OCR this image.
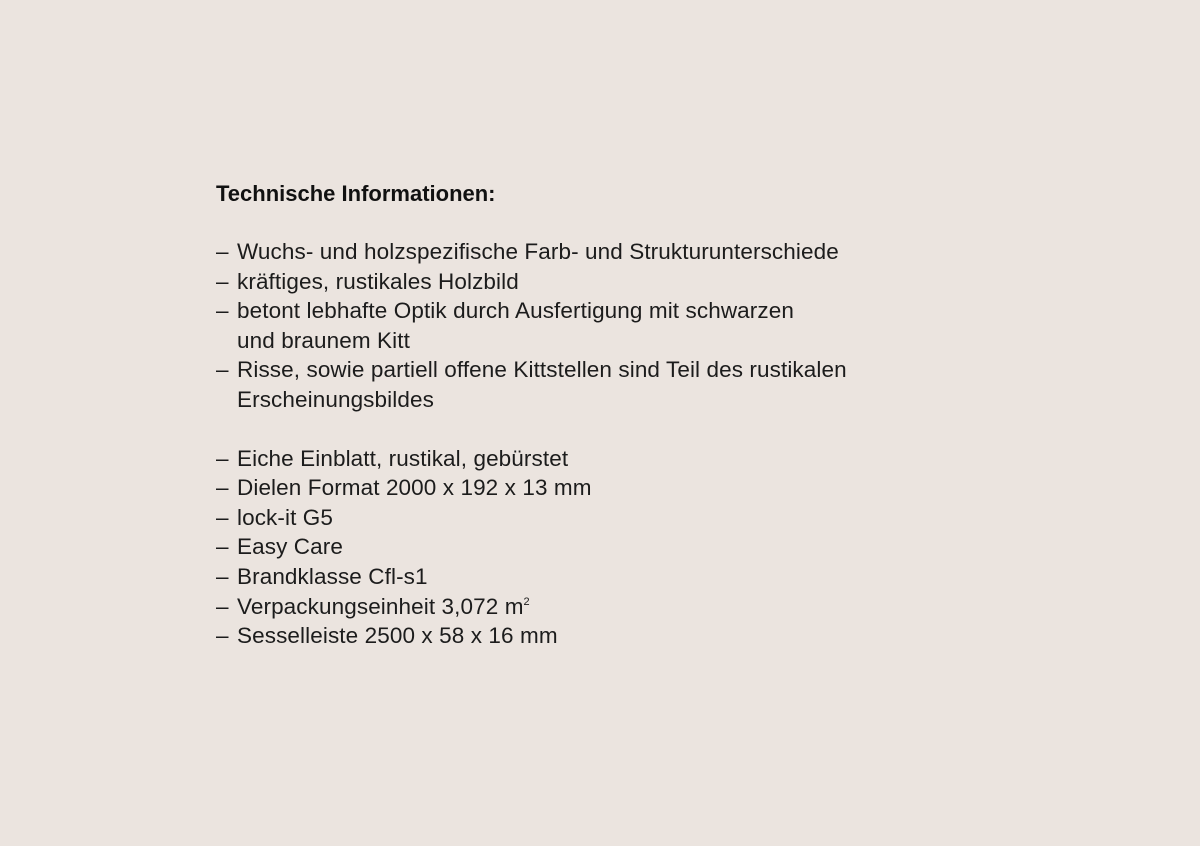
Technische Informationen:
– Wuchs- und holzspezifische Farb- und Strukturunterschiede
– kräftiges, rustikales Holzbild
– betont lebhafte Optik durch Ausfertigung mit schwarzen
und braunem Kitt
– Risse, sowie partiell offene Kittstellen sind Teil des rustikalen
Erscheinungsbildes
– Eiche Einblatt, rustikal, gebürstet
– Dielen Format 2000 x 192 x 13 mm
– lock-it G5
– Easy Care
– Brandklasse Cfl-s1
– Verpackungseinheit 3,072 $m^2$
– Sesselleiste 2500 x 58 x 16 mm
